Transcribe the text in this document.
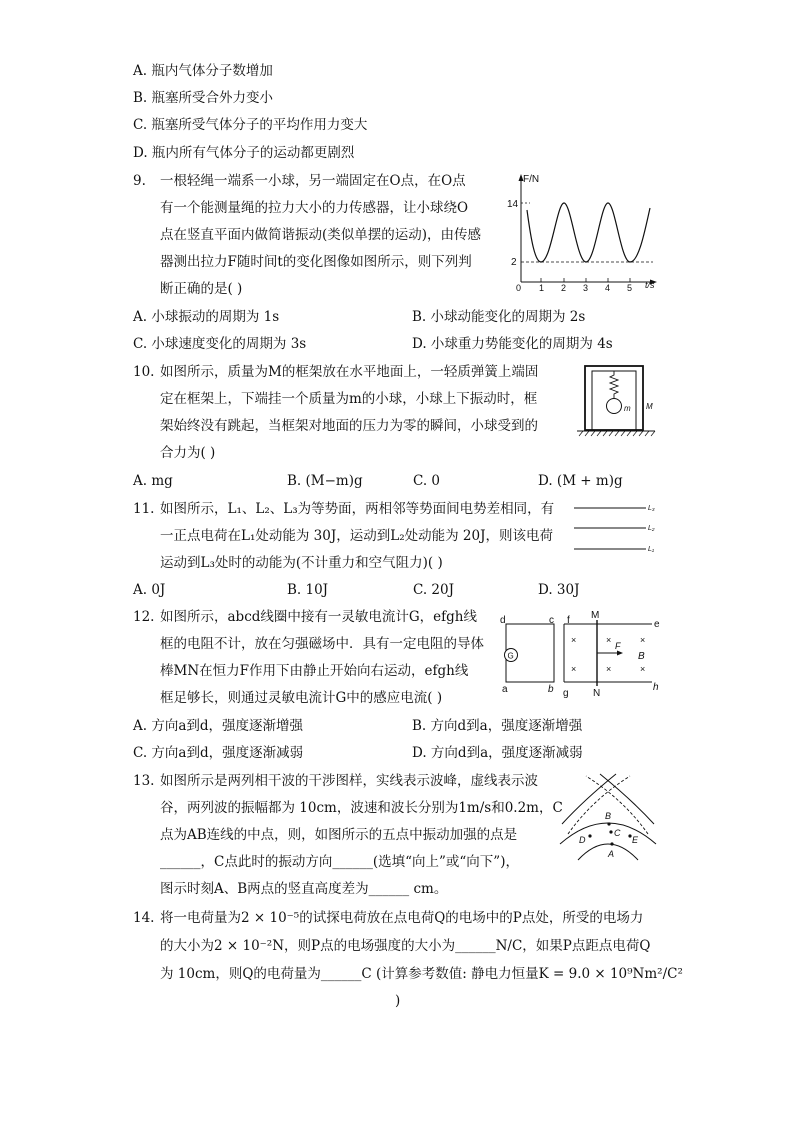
A. 瓶内气体分子数增加
B. 瓶塞所受合外力变小
C. 瓶塞所受气体分子的平均作用力变大
D. 瓶内所有气体分子的运动都更剧烈
9. 一根轻绳一端系一小球，另一端固定在O点，在O点
有一个能测量绳的拉力大小的力传感器，让小球绕O
点在竖直平面内做简谐振动(类似单摆的运动)，由传感
器测出拉力F随时间t的变化图像如图所示，则下列判
断正确的是( )
F/N
t/s
14
2
0 1 2 3 4 5
A. 小球振动的周期为 1s	B. 小球动能变化的周期为 2s
C. 小球速度变化的周期为 3s	D. 小球重力势能变化的周期为 4s
10. 如图所示，质量为M的框架放在水平地面上，一轻质弹簧上端固
定在框架上，下端挂一个质量为m的小球，小球上下振动时，框
架始终没有跳起，当框架对地面的压力为零的瞬间，小球受到的
合力为( )
m M
A. mg	B. (M−m)g	C. 0	D. (M + m)g
11. 如图所示，L₁、L₂、L₃为等势面，两相邻等势面间电势差相同，有
一正点电荷在L₁处动能为 30J，运动到L₂处动能为 20J，则该电荷
运动到L₃处时的动能为(不计重力和空气阻力)( )
L₃
L₂
L₁
A. 0J	B. 10J	C. 20J	D. 30J
12. 如图所示，abcd线圈中接有一灵敏电流计G，efgh线
框的电阻不计，放在匀强磁场中．具有一定电阻的导体
棒MN在恒力F作用下由静止开始向右运动，efgh线
框足够长，则通过灵敏电流计G中的感应电流( )
G
d	c
a	b
f M
e
g N
h
×
×
×
×
×
×
F
B
A. 方向a到d，强度逐渐增强	B. 方向d到a，强度逐渐增强
C. 方向a到d，强度逐渐减弱	D. 方向d到a，强度逐渐减弱
13. 如图所示是两列相干波的干涉图样，实线表示波峰，虚线表示波
谷，两列波的振幅都为 10cm，波速和波长分别为1m/s和0.2m，C
点为AB连线的中点，则，如图所示的五点中振动加强的点是
______，C点此时的振动方向______(选填“向上”或“向下”)，
图示时刻A、B两点的竖直高度差为______ cm。
B
C
D	E
A
14. 将一电荷量为2 × 10⁻⁵的试探电荷放在点电荷Q的电场中的P点处，所受的电场力
的大小为2 × 10⁻²N，则P点的电场强度的大小为______N/C，如果P点距点电荷Q
为 10cm，则Q的电荷量为______C (计算参考数值: 静电力恒量K = 9.0 × 10⁹Nm²/C²
)
